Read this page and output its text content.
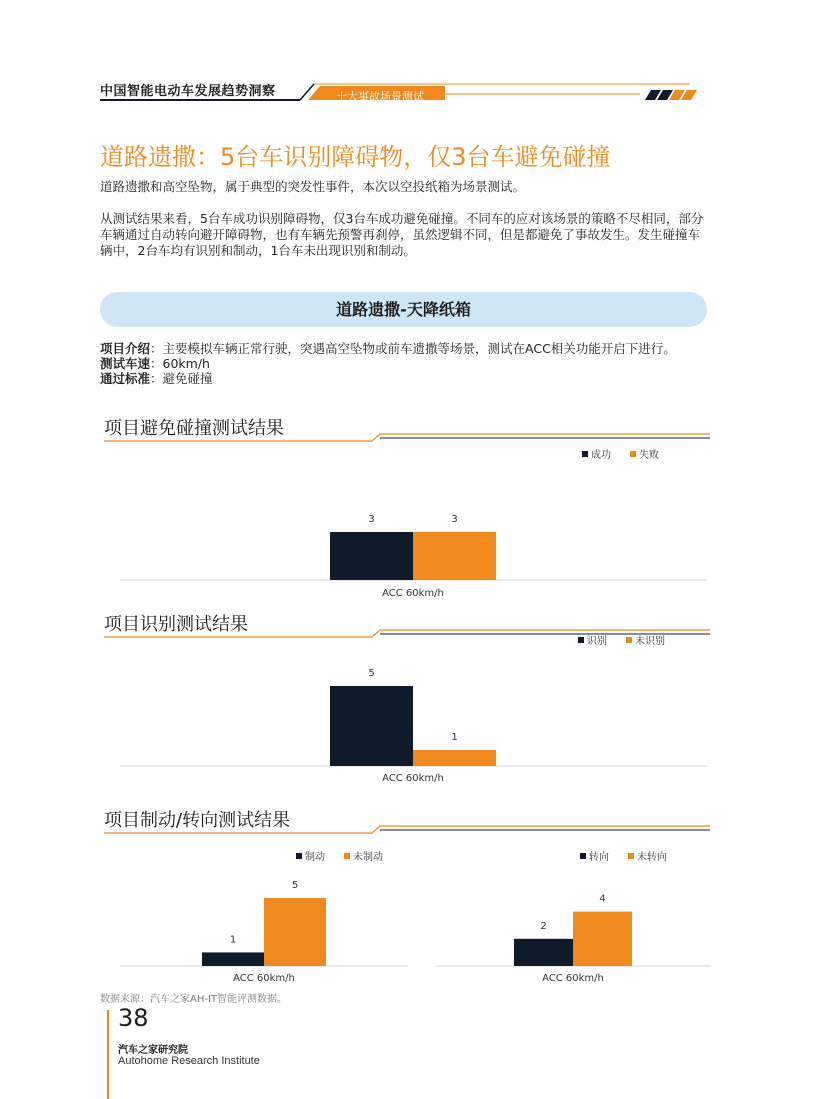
中国智能电动车发展趋势洞察	十大事故场景测试
道路遗撒：5台车识别障碍物，仅3台车避免碰撞
道路遗撒和高空坠物，属于典型的突发性事件，本次以空投纸箱为场景测试。
从测试结果来看，5台车成功识别障碍物，仅3台车成功避免碰撞。不同车的应对该场景的策略不尽相同，部分车辆通过自动转向避开障碍物，也有车辆先预警再刹停，虽然逻辑不同，但是都避免了事故发生。发生碰撞车辆中，2台车均有识别和制动，1台车未出现识别和制动。
道路遗撒-天降纸箱
项目介绍：主要模拟车辆正常行驶，突遇高空坠物或前车遗撒等场景，测试在ACC相关功能开启下进行。
测试车速：60km/h
通过标准：避免碰撞
项目避免碰撞测试结果
项目识别测试结果
项目制动/转向测试结果
3
成功
3
失败
ACC 60km/h
5
识别
1
未识别
ACC 60km/h
1
制动
5
未制动
ACC 60km/h
2
转向
4
未转向
ACC 60km/h
数据来源：汽车之家AH-IT智能评测数据。
38
汽车之家研究院
Autohome Research Institute
